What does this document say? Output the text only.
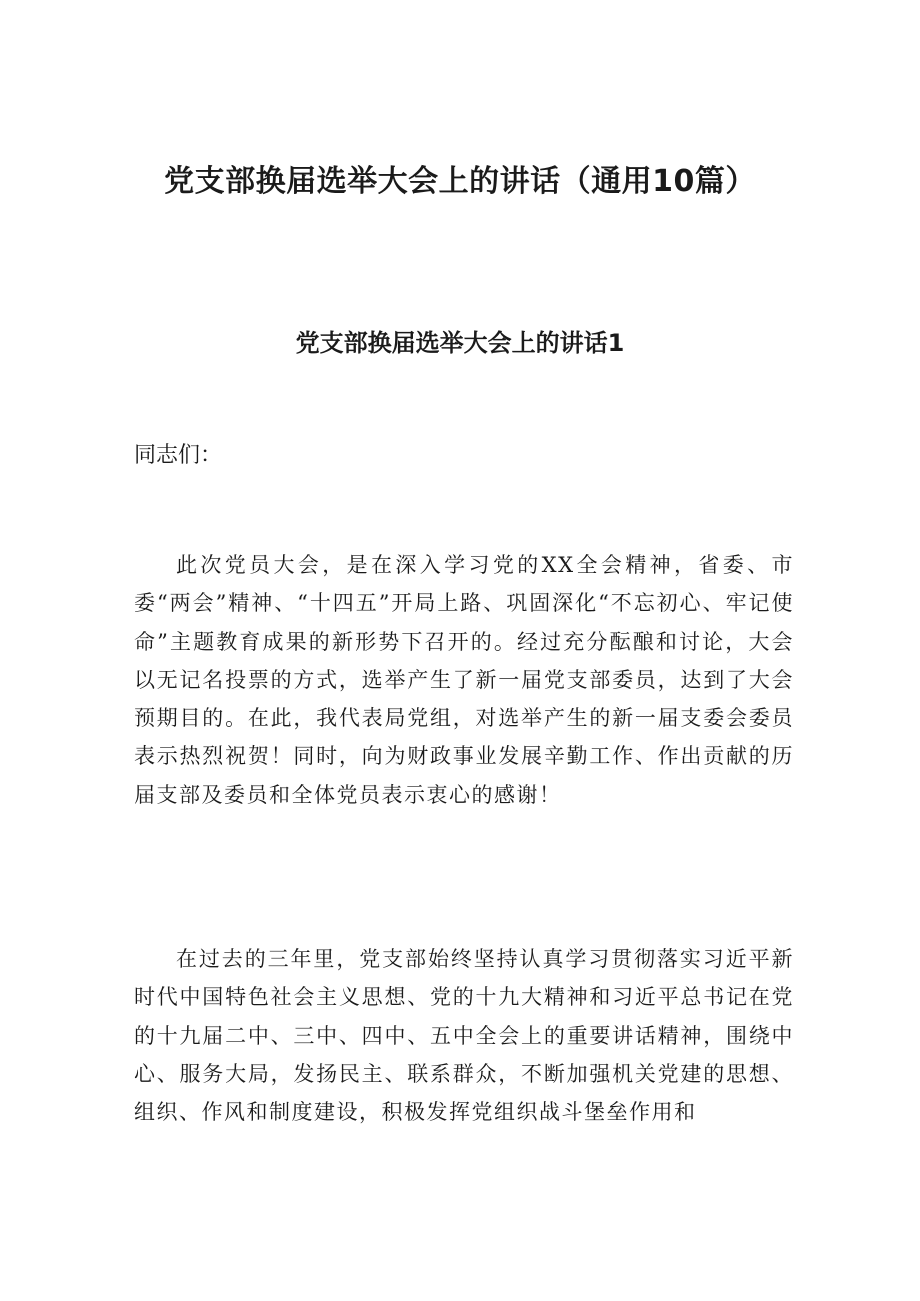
党支部换届选举大会上的讲话（通用10篇）
党支部换届选举大会上的讲话1

同志们：

此次党员大会，是在深入学习党的XX全会精神，省委、市委“两会”精神、“十四五”开局上路、巩固深化“不忘初心、牢记使命”主题教育成果的新形势下召开的。经过充分酝酿和讨论，大会以无记名投票的方式，选举产生了新一届党支部委员，达到了大会预期目的。在此，我代表局党组，对选举产生的新一届支委会委员表示热烈祝贺！同时，向为财政事业发展辛勤工作、作出贡献的历届支部及委员和全体党员表示衷心的感谢！

在过去的三年里，党支部始终坚持认真学习贯彻落实习近平新时代中国特色社会主义思想、党的十九大精神和习近平总书记在党的十九届二中、三中、四中、五中全会上的重要讲话精神，围绕中心、服务大局，发扬民主、联系群众，不断加强机关党建的思想、组织、作风和制度建设，积极发挥党组织战斗堡垒作用和
